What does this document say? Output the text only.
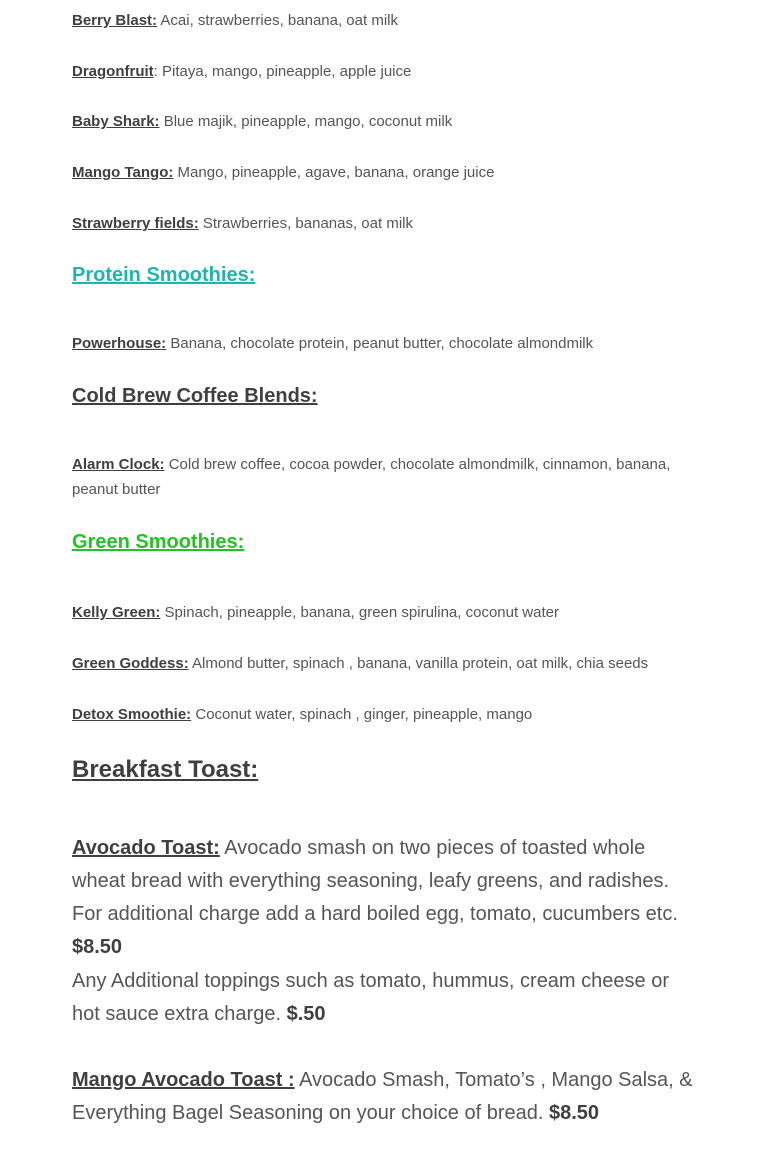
Berry Blast: Acai, strawberries, banana, oat milk

Dragonfruit: Pitaya, mango, pineapple, apple juice

Baby Shark: Blue majik, pineapple, mango, coconut milk

Mango Tango: Mango, pineapple, agave, banana, orange juice

Strawberry fields: Strawberries, bananas, oat milk

Protein Smoothies:

Powerhouse: Banana, chocolate protein, peanut butter, chocolate almondmilk

Cold Brew Coffee Blends:

Alarm Clock: Cold brew coffee, cocoa powder, chocolate almondmilk, cinnamon, banana, peanut butter

Green Smoothies:

Kelly Green: Spinach, pineapple, banana, green spirulina, coconut water

Green Goddess: Almond butter, spinach , banana, vanilla protein, oat milk, chia seeds

Detox Smoothie: Coconut water, spinach , ginger, pineapple, mango

Breakfast Toast:

Avocado Toast: Avocado smash on two pieces of toasted whole wheat bread with everything seasoning, leafy greens, and radishes. For additional charge add a hard boiled egg, tomato, cucumbers etc. $8.50

Any Additional toppings such as tomato, hummus, cream cheese or hot sauce extra charge. $.50

Mango Avocado Toast : Avocado Smash, Tomato’s , Mango Salsa, & Everything Bagel Seasoning on your choice of bread. $8.50
